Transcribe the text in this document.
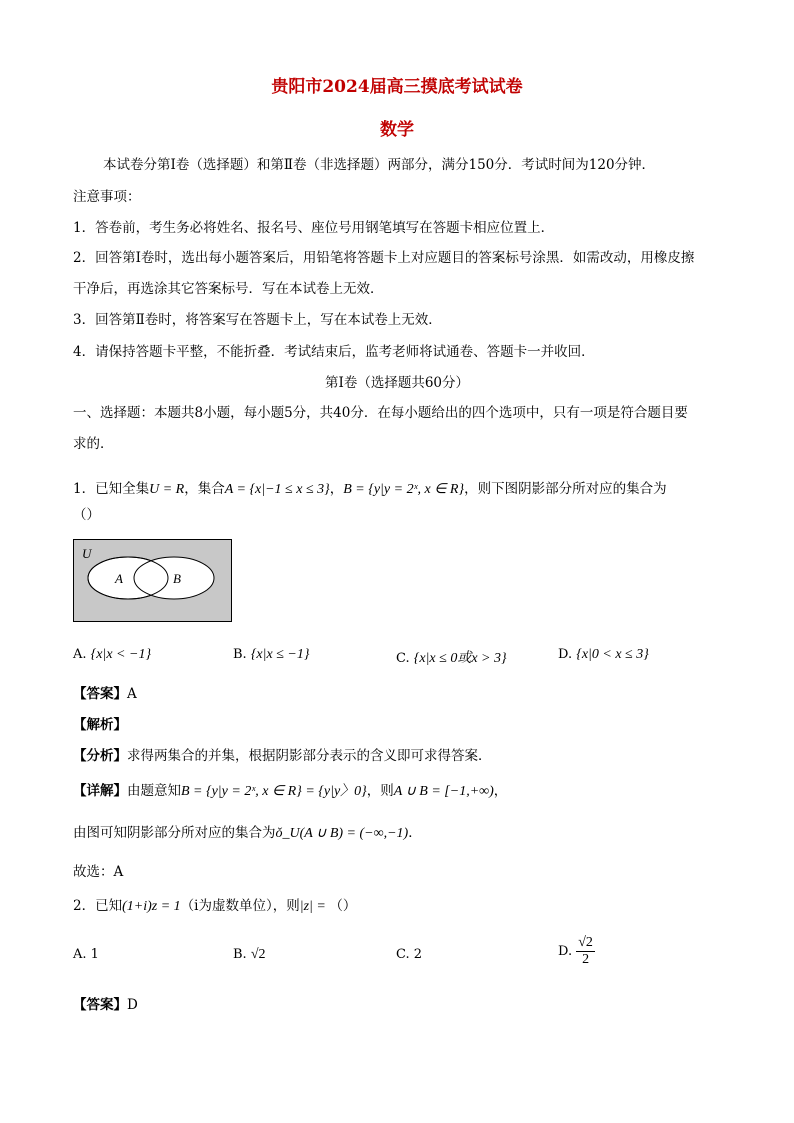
贵阳市2024届高三摸底考试试卷
数学
本试卷分第Ⅰ卷（选择题）和第Ⅱ卷（非选择题）两部分，满分150分．考试时间为120分钟．
注意事项：
1．答卷前，考生务必将姓名、报名号、座位号用钢笔填写在答题卡相应位置上．
2．回答第Ⅰ卷时，选出每小题答案后，用铅笔将答题卡上对应题目的答案标号涂黑．如需改动，用橡皮擦
干净后，再选涂其它答案标号．写在本试卷上无效．
3．回答第Ⅱ卷时，将答案写在答题卡上，写在本试卷上无效．
4．请保持答题卡平整，不能折叠．考试结束后，监考老师将试通卷、答题卡一并收回．
第Ⅰ卷（选择题共60分）
一、选择题：本题共8小题，每小题5分，共40分．在每小题给出的四个选项中，只有一项是符合题目要
求的．
1．已知全集U = R，集合A = {x|−1 ≤ x ≤ 3}，B = {y|y = 2ˣ, x ∈ R}，则下图阴影部分所对应的集合为
（）
U
A	B
A. {x|x < −1}	B. {x|x ≤ −1}	C. {x|x ≤ 0或x > 3}	D. {x|0 < x ≤ 3}
【答案】A
【解析】
【分析】求得两集合的并集，根据阴影部分表示的含义即可求得答案．
【详解】由题意知B = {y|y = 2ˣ, x ∈ R} = {y|y〉0}，则A ∪ B = [−1,+∞)，
由图可知阴影部分所对应的集合为ǒ_U(A ∪ B) = (−∞,−1)．
故选：A
2．已知(1+i)z = 1（i为虚数单位），则|z| = （）
A. 1	B. √2	C. 2	D. $\frac{√2}{2}$
【答案】D
